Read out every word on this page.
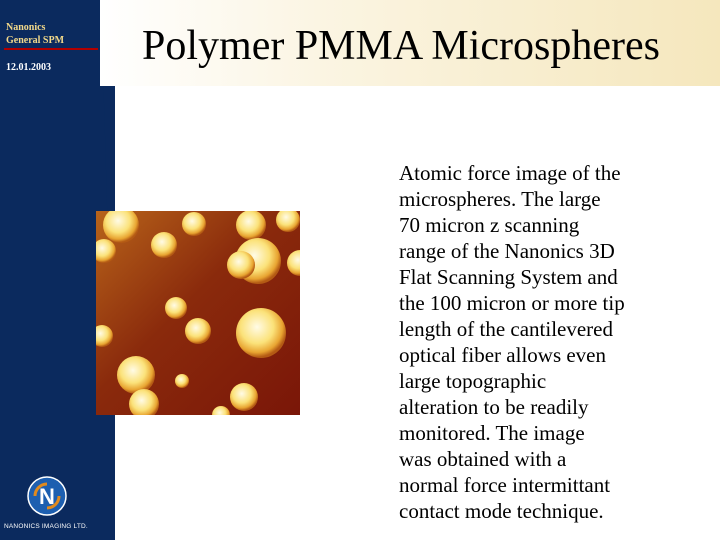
Nanonics
General SPM
12.01.2003
N
NANONICS IMAGING LTD.
Polymer PMMA Microspheres

Atomic force image of the
microspheres. The large
70 micron z scanning
range of the Nanonics 3D
Flat Scanning System and
the 100 micron or more tip
length of the cantilevered
optical fiber allows even
large topographic
alteration to be readily
monitored. The image
was obtained with a
normal force intermittant
contact mode technique.
